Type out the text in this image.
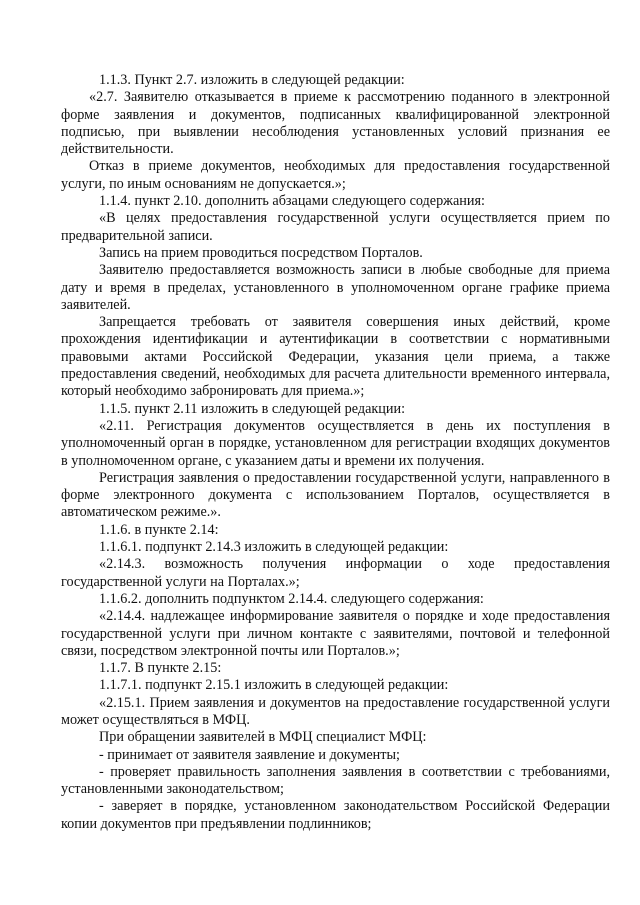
1.1.3. Пункт 2.7. изложить в следующей редакции:

«2.7. Заявителю отказывается в приеме к рассмотрению поданного в электронной форме заявления и документов, подписанных квалифицированной электронной подписью, при выявлении несоблюдения установленных условий признания ее действительности.

Отказ в приеме документов, необходимых для предоставления государственной услуги, по иным основаниям не допускается.»;

1.1.4. пункт 2.10. дополнить абзацами следующего содержания:

«В целях предоставления государственной услуги осуществляется прием по предварительной записи.

Запись на прием проводиться посредством Порталов.

Заявителю предоставляется возможность записи в любые свободные для приема дату и время в пределах, установленного в уполномоченном органе графике приема заявителей.

Запрещается требовать от заявителя совершения иных действий, кроме прохождения идентификации и аутентификации в соответствии с нормативными правовыми актами Российской Федерации, указания цели приема, а также предоставления сведений, необходимых для расчета длительности временного интервала, который необходимо забронировать для приема.»;

1.1.5. пункт 2.11 изложить в следующей редакции:

«2.11. Регистрация документов осуществляется в день их поступления в уполномоченный орган в порядке, установленном для регистрации входящих документов в уполномоченном органе, с указанием даты и времени их получения.

Регистрация заявления о предоставлении государственной услуги, направленного в форме электронного документа с использованием Порталов, осуществляется в автоматическом режиме.».

1.1.6. в пункте 2.14:

1.1.6.1. подпункт 2.14.3 изложить в следующей редакции:

«2.14.3. возможность получения информации о ходе предоставления государственной услуги на Порталах.»;

1.1.6.2. дополнить подпунктом 2.14.4. следующего содержания:

«2.14.4. надлежащее информирование заявителя о порядке и ходе предоставления государственной услуги при личном контакте с заявителями, почтовой и телефонной связи, посредством электронной почты или Порталов.»;

1.1.7. В пункте 2.15:

1.1.7.1. подпункт 2.15.1 изложить в следующей редакции:

«2.15.1. Прием заявления и документов на предоставление государственной услуги может осуществляться в МФЦ.

При обращении заявителей в МФЦ специалист МФЦ:

- принимает от заявителя заявление и документы;

- проверяет правильность заполнения заявления в соответствии с требованиями, установленными законодательством;

- заверяет в порядке, установленном законодательством Российской Федерации копии документов при предъявлении подлинников;
